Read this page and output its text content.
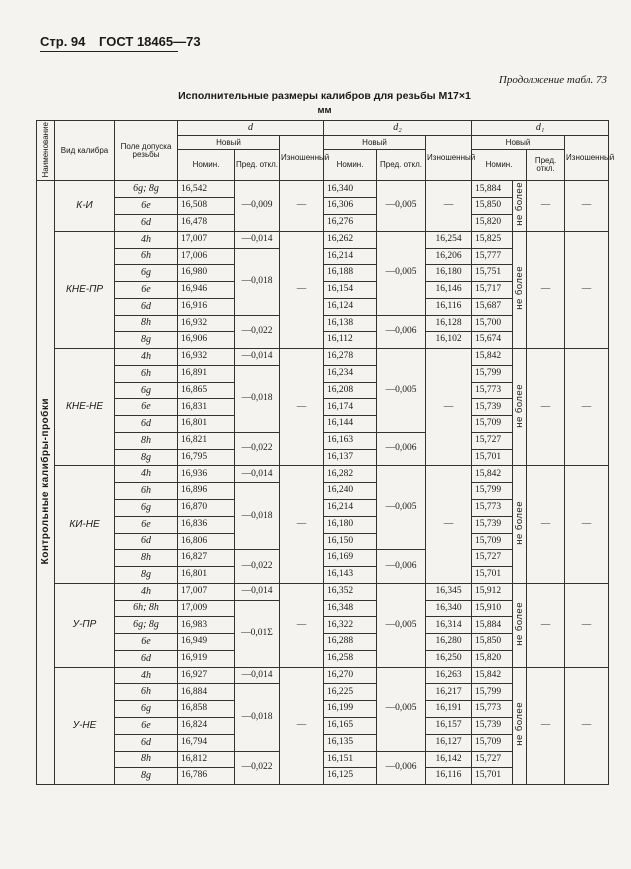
Стр. 94 ГОСТ 18465—73
Продолжение табл. 73
Исполнительные размеры калибров для резьбы М17×1
мм
Наименование	Вид калибра	Поле допуска резьбы	d			d₂			d₁			
			Новый		Изношенный	Новый		Изношенный	Новый			Изношенный
			Номин.	Пред. откл.		Номин.	Пред. откл.		Номин.		Пред. откл.	
Контрольные калибры-пробки	К-И	6g; 8g	16,542	—0,009	—	16,340	—0,005	—	15,884	не более	—	—
		6e	16,508			16,306			15,850			
		6d	16,478			16,276			15,820			
	КНЕ-ПР	4h	17,007	—0,014	—	16,262	—0,005	16,254	15,825	не более	—	—
		6h	17,006	—0,018		16,214		16,206	15,777			
		6g	16,980			16,188		16,180	15,751			
		6e	16,946			16,154		16,146	15,717			
		6d	16,916			16,124		16,116	15,687			
		8h	16,932	—0,022		16,138	—0,006	16,128	15,700			
		8g	16,906			16,112		16,102	15,674			
	КНЕ-НЕ	4h	16,932	—0,014	—	16,278	—0,005	—	15,842	не более	—	—
		6h	16,891	—0,018		16,234			15,799			
		6g	16,865			16,208			15,773			
		6e	16,831			16,174			15,739			
		6d	16,801			16,144			15,709			
		8h	16,821	—0,022		16,163	—0,006		15,727			
		8g	16,795			16,137			15,701			
	КИ-НЕ	4h	16,936	—0,014	—	16,282	—0,005	—	15,842	не более	—	—
		6h	16,896	—0,018		16,240			15,799			
		6g	16,870			16,214			15,773			
		6e	16,836			16,180			15,739			
		6d	16,806			16,150			15,709			
		8h	16,827	—0,022		16,169	—0,006		15,727			
		8g	16,801			16,143			15,701			
	У-ПР	4h	17,007	—0,014	—	16,352	—0,005	16,345	15,912	не более	—	—
		6h; 8h	17,009	—0,01Σ		16,348		16,340	15,910			
		6g; 8g	16,983			16,322		16,314	15,884			
		6e	16,949			16,288		16,280	15,850			
		6d	16,919			16,258		16,250	15,820			
	У-НЕ	4h	16,927	—0,014	—	16,270	—0,005	16,263	15,842	не более	—	—
		6h	16,884	—0,018		16,225		16,217	15,799			
		6g	16,858			16,199		16,191	15,773			
		6e	16,824			16,165		16,157	15,739			
		6d	16,794			16,135		16,127	15,709			
		8h	16,812	—0,022		16,151	—0,006	16,142	15,727			
		8g	16,786			16,125		16,116	15,701			
